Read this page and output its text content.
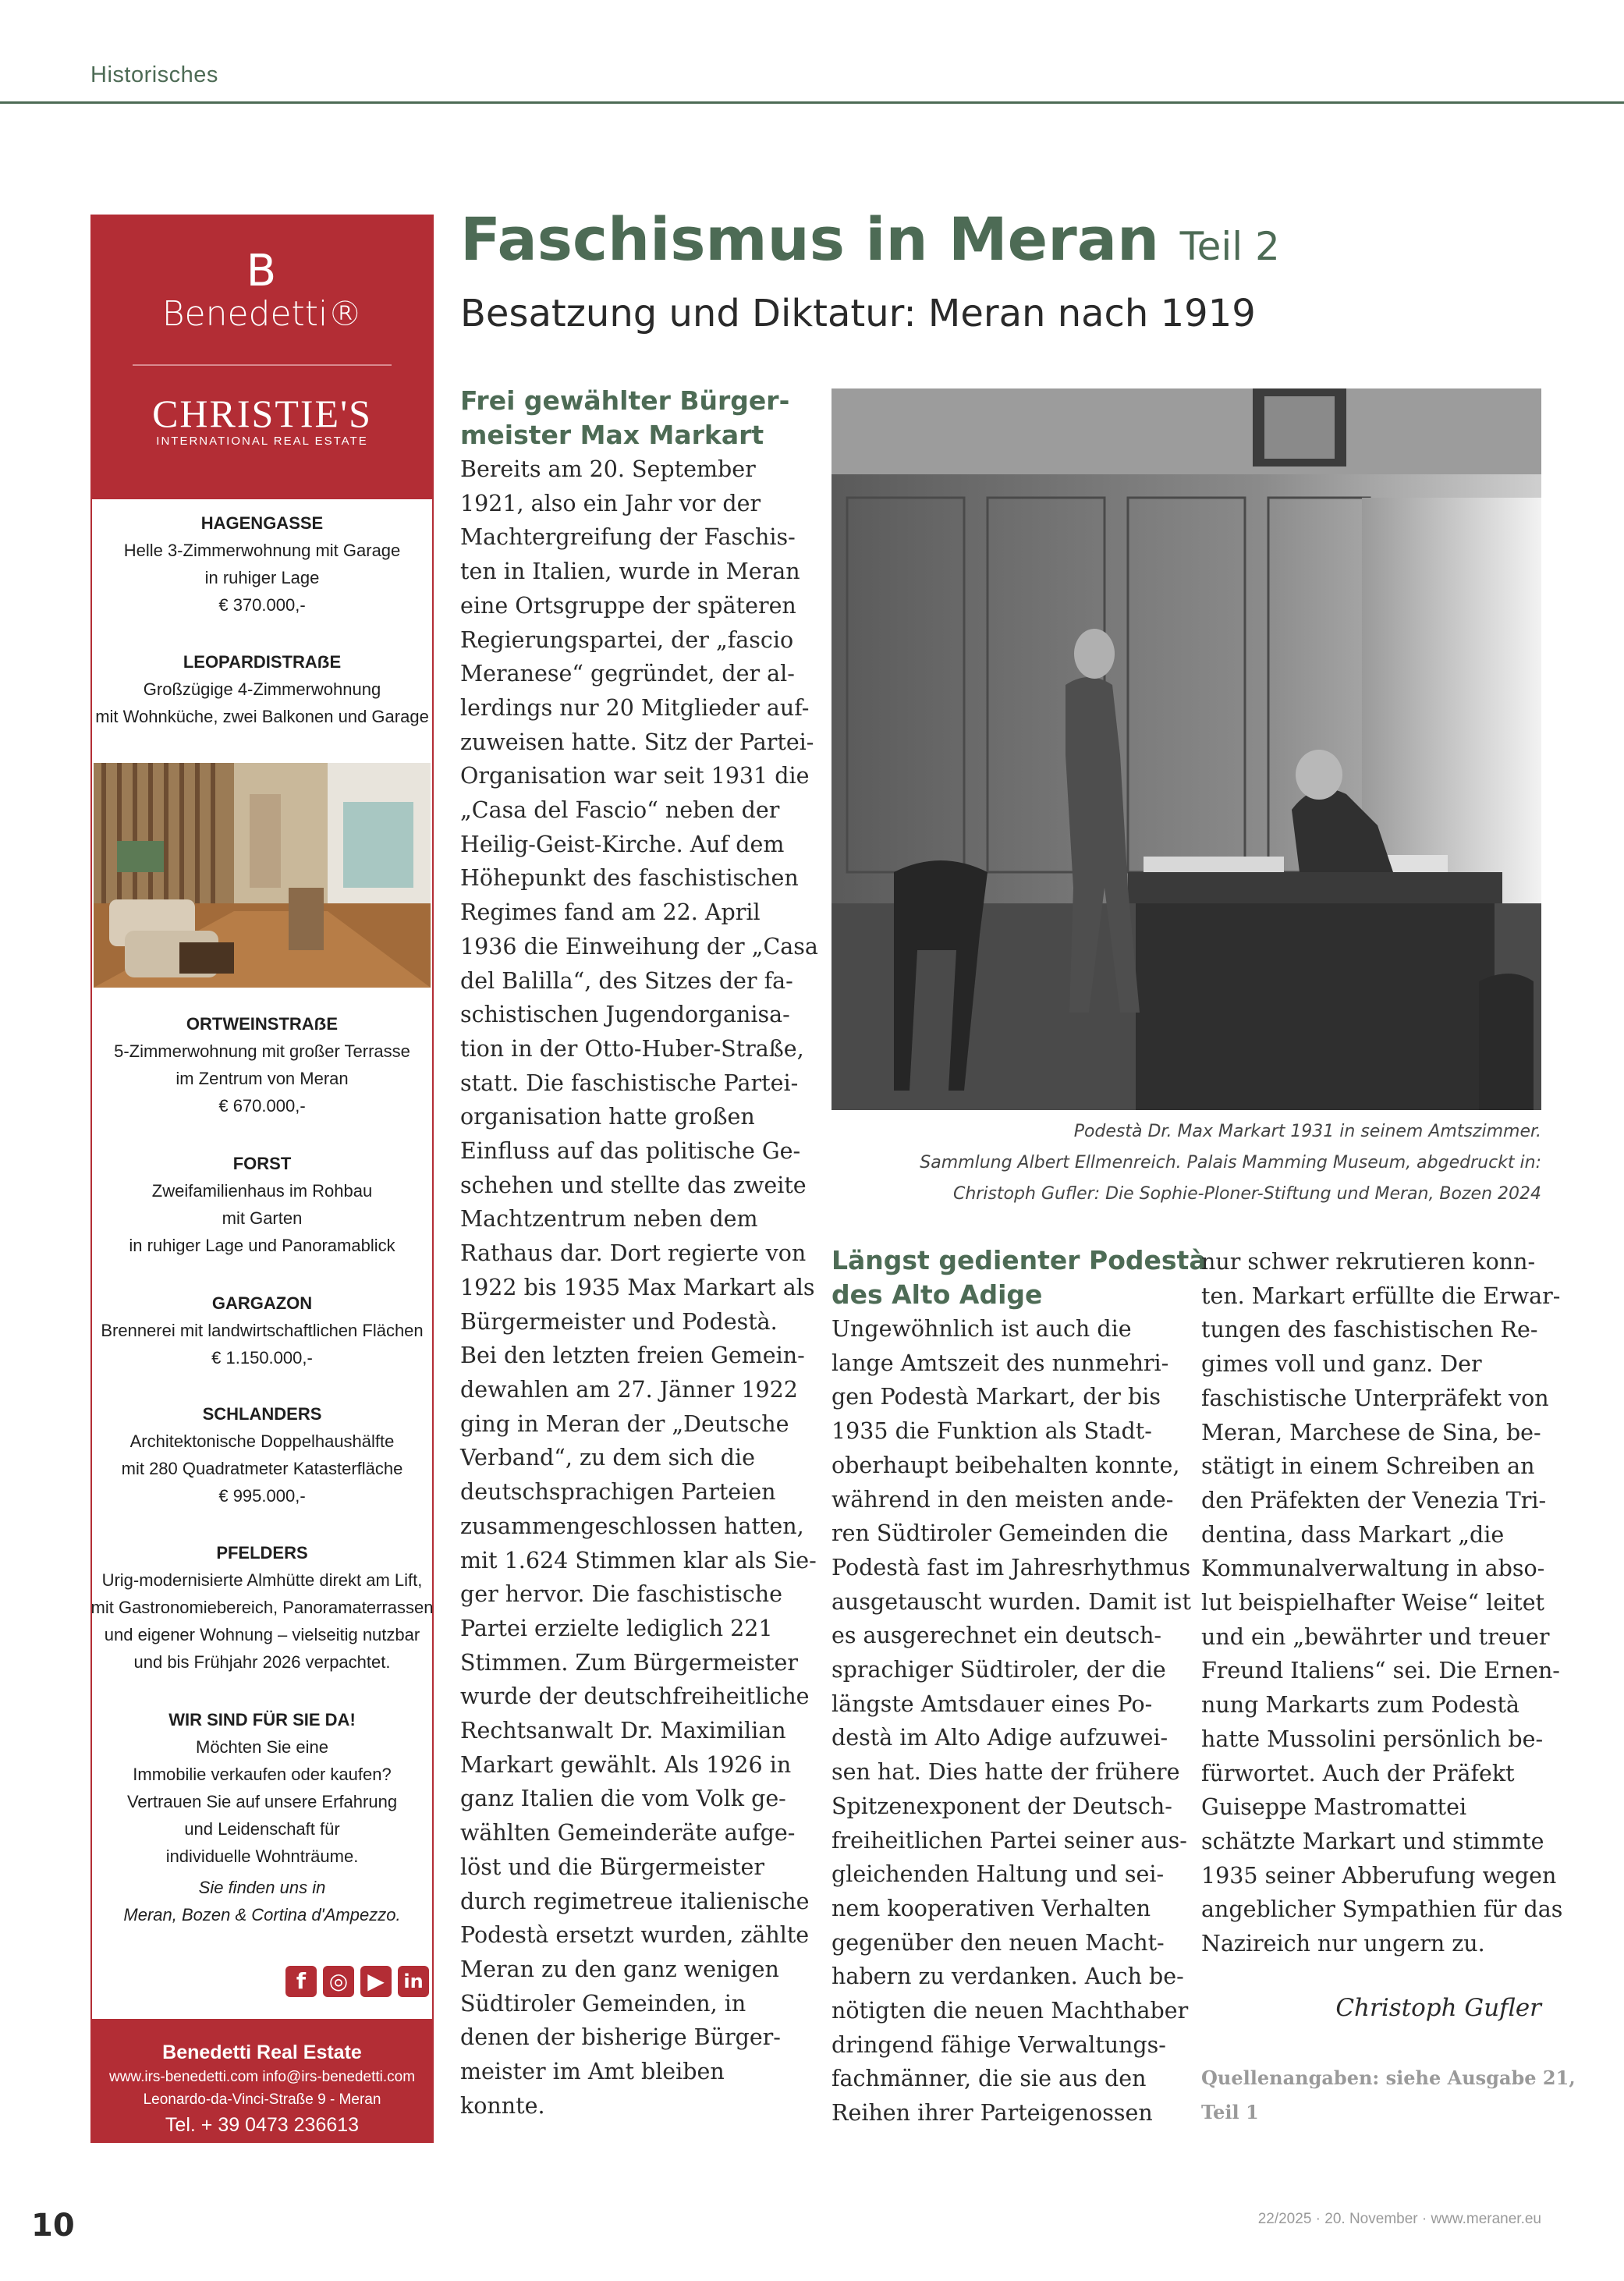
Historisches
B
Benedetti®
CHRISTIE'S
INTERNATIONAL REAL ESTATE
HAGENGASSE
Helle 3-Zimmerwohnung mit Garage
in ruhiger Lage
€ 370.000,-
LEOPARDISTRAẞE
Großzügige 4-Zimmerwohnung
mit Wohnküche, zwei Balkonen und Garage
ORTWEINSTRAẞE
5-Zimmerwohnung mit großer Terrasse
im Zentrum von Meran
€ 670.000,-
FORST
Zweifamilienhaus im Rohbau
mit Garten
in ruhiger Lage und Panoramablick
GARGAZON
Brennerei mit landwirtschaftlichen Flächen
€ 1.150.000,-
SCHLANDERS
Architektonische Doppelhaushälfte
mit 280 Quadratmeter Katasterfläche
€ 995.000,-
PFELDERS
Urig-modernisierte Almhütte direkt am Lift,
mit Gastronomiebereich, Panoramaterrassen
und eigener Wohnung – vielseitig nutzbar
und bis Frühjahr 2026 verpachtet.
WIR SIND FÜR SIE DA!
Möchten Sie eine
Immobilie verkaufen oder kaufen?
Vertrauen Sie auf unsere Erfahrung
und Leidenschaft für
individuelle Wohnträume.
Sie finden uns in
Meran, Bozen & Cortina d'Ampezzo.
f	◎ ▶	in
Benedetti Real Estate
www.irs-benedetti.com info@irs-benedetti.com
Leonardo-da-Vinci-Straße 9 - Meran
Tel. + 39 0473 236613
Faschismus in Meran Teil 2
Besatzung und Diktatur: Meran nach 1919
Frei gewählter Bürger-
meister Max Markart
Bereits am 20. September
1921, also ein Jahr vor der
Machtergreifung der Faschis-
ten in Italien, wurde in Meran
eine Ortsgruppe der späteren
Regierungspartei, der „fascio
Meranese“ gegründet, der al-
lerdings nur 20 Mitglieder auf-
zuweisen hatte. Sitz der Partei-
Organisation war seit 1931 die
„Casa del Fascio“ neben der
Heilig-Geist-Kirche. Auf dem
Höhepunkt des faschistischen
Regimes fand am 22. April
1936 die Einweihung der „Casa
del Balilla“, des Sitzes der fa-
schistischen Jugendorganisa-
tion in der Otto-Huber-Straße,
statt. Die faschistische Partei-
organisation hatte großen
Einfluss auf das politische Ge-
schehen und stellte das zweite
Machtzentrum neben dem
Rathaus dar. Dort regierte von
1922 bis 1935 Max Markart als
Bürgermeister und Podestà.
Bei den letzten freien Gemein-
dewahlen am 27. Jänner 1922
ging in Meran der „Deutsche
Verband“, zu dem sich die
deutschsprachigen Parteien
zusammengeschlossen hatten,
mit 1.624 Stimmen klar als Sie-
ger hervor. Die faschistische
Partei erzielte lediglich 221
Stimmen. Zum Bürgermeister
wurde der deutschfreiheitliche
Rechtsanwalt Dr. Maximilian
Markart gewählt. Als 1926 in
ganz Italien die vom Volk ge-
wählten Gemeinderäte aufge-
löst und die Bürgermeister
durch regimetreue italienische
Podestà ersetzt wurden, zählte
Meran zu den ganz wenigen
Südtiroler Gemeinden, in
denen der bisherige Bürger-
meister im Amt bleiben
konnte.
Podestà Dr. Max Markart 1931 in seinem Amtszimmer.
Sammlung Albert Ellmenreich. Palais Mamming Museum, abgedruckt in:
Christoph Gufler: Die Sophie-Ploner-Stiftung und Meran, Bozen 2024
Längst gedienter Podestà
des Alto Adige
Ungewöhnlich ist auch die
lange Amtszeit des nunmehri-
gen Podestà Markart, der bis
1935 die Funktion als Stadt-
oberhaupt beibehalten konnte,
während in den meisten ande-
ren Südtiroler Gemeinden die
Podestà fast im Jahresrhythmus
ausgetauscht wurden. Damit ist
es ausgerechnet ein deutsch-
sprachiger Südtiroler, der die
längste Amtsdauer eines Po-
destà im Alto Adige aufzuwei-
sen hat. Dies hatte der frühere
Spitzenexponent der Deutsch-
freiheitlichen Partei seiner aus-
gleichenden Haltung und sei-
nem kooperativen Verhalten
gegenüber den neuen Macht-
habern zu verdanken. Auch be-
nötigten die neuen Machthaber
dringend fähige Verwaltungs-
fachmänner, die sie aus den
Reihen ihrer Parteigenossen
nur schwer rekrutieren konn-
ten. Markart erfüllte die Erwar-
tungen des faschistischen Re-
gimes voll und ganz. Der
faschistische Unterpräfekt von
Meran, Marchese de Sina, be-
stätigt in einem Schreiben an
den Präfekten der Venezia Tri-
dentina, dass Markart „die
Kommunalverwaltung in abso-
lut beispielhafter Weise“ leitet
und ein „bewährter und treuer
Freund Italiens“ sei. Die Ernen-
nung Markarts zum Podestà
hatte Mussolini persönlich be-
fürwortet. Auch der Präfekt
Guiseppe Mastromattei
schätzte Markart und stimmte
1935 seiner Abberufung wegen
angeblicher Sympathien für das
Nazireich nur ungern zu.
Christoph Gufler
Quellenangaben: siehe Ausgabe 21,
Teil 1
10	22/2025 · 20. November · www.meraner.eu
